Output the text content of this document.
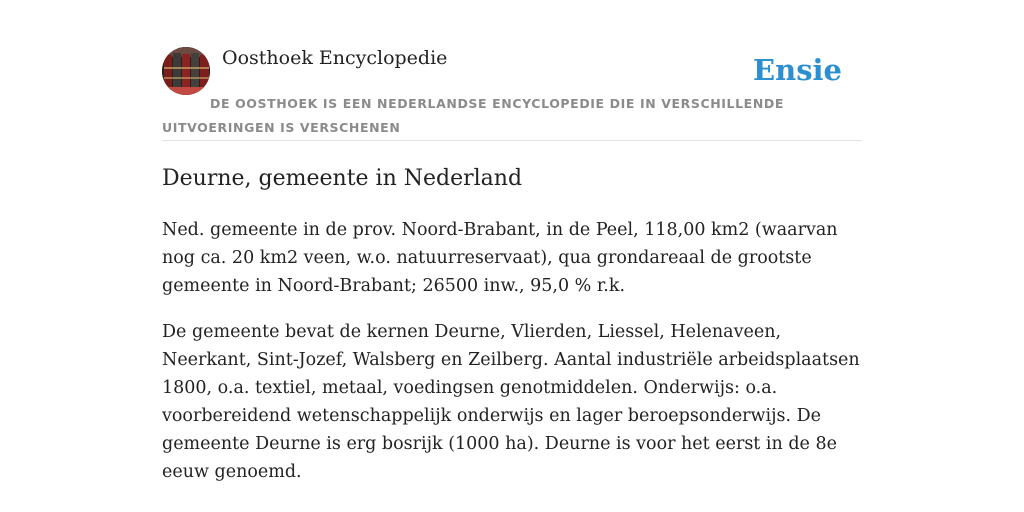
Oosthoek Encyclopedie	Ensie
DE OOSTHOEK IS EEN NEDERLANDSE ENCYCLOPEDIE DIE IN VERSCHILLENDE UITVOERINGEN IS VERSCHENEN
Deurne, gemeente in Nederland

Ned. gemeente in de prov. Noord-Brabant, in de Peel, 118,00 km2 (waarvan nog ca. 20 km2 veen, w.o. natuurreservaat), qua grondareaal de grootste gemeente in Noord-Brabant; 26500 inw., 95,0 % r.k.

De gemeente bevat de kernen Deurne, Vlierden, Liessel, Helenaveen, Neerkant, Sint-Jozef, Walsberg en Zeilberg. Aantal industriële arbeidsplaatsen 1800, o.a. textiel, metaal, voedingsen genotmiddelen. Onderwijs: o.a. voorbereidend wetenschappelijk onderwijs en lager beroepsonderwijs. De gemeente Deurne is erg bosrijk (1000 ha). Deurne is voor het eerst in de 8e eeuw genoemd.
